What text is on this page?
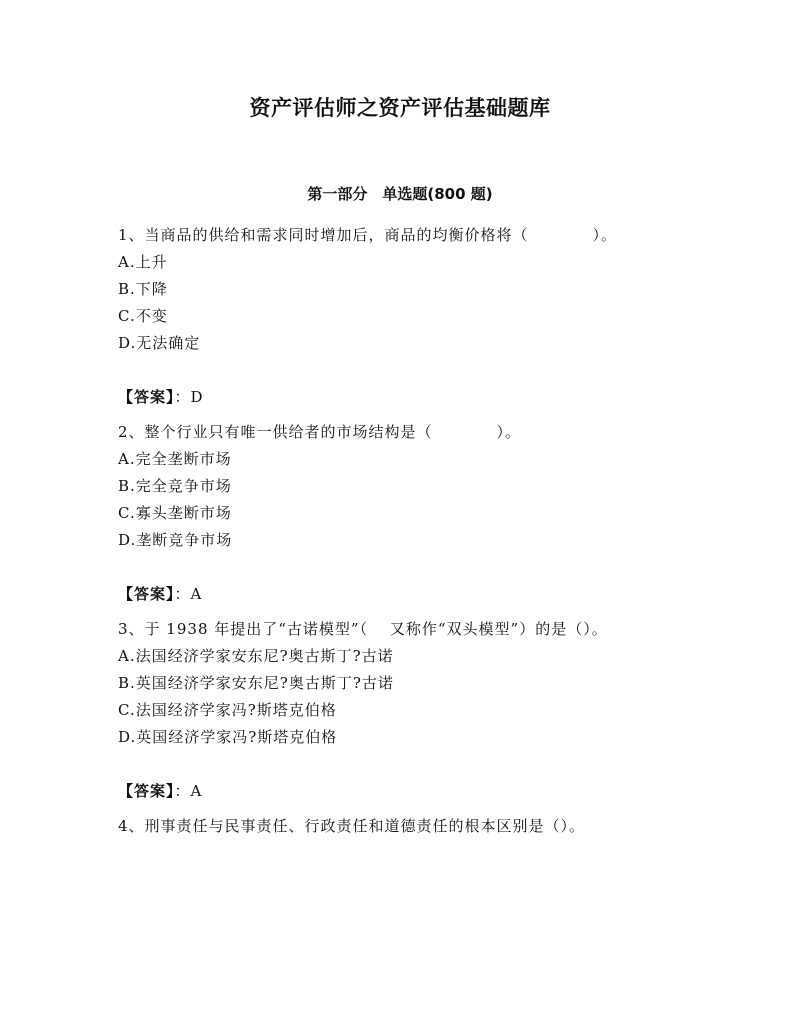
资产评估师之资产评估基础题库
第一部分　单选题(800 题)

1、当商品的供给和需求同时增加后，商品的均衡价格将（　　　　）。

A.上升
B.下降
C.不变
D.无法确定

【答案】：D

2、整个行业只有唯一供给者的市场结构是（　　　　）。

A.完全垄断市场
B.完全竞争市场
C.寡头垄断市场
D.垄断竞争市场

【答案】：A

3、于 1938 年提出了“古诺模型”（　 又称作“双头模型”）的是（）。

A.法国经济学家安东尼?奥古斯丁?古诺
B.英国经济学家安东尼?奥古斯丁?古诺
C.法国经济学家冯?斯塔克伯格
D.英国经济学家冯?斯塔克伯格

【答案】：A

4、刑事责任与民事责任、行政责任和道德责任的根本区别是（）。
